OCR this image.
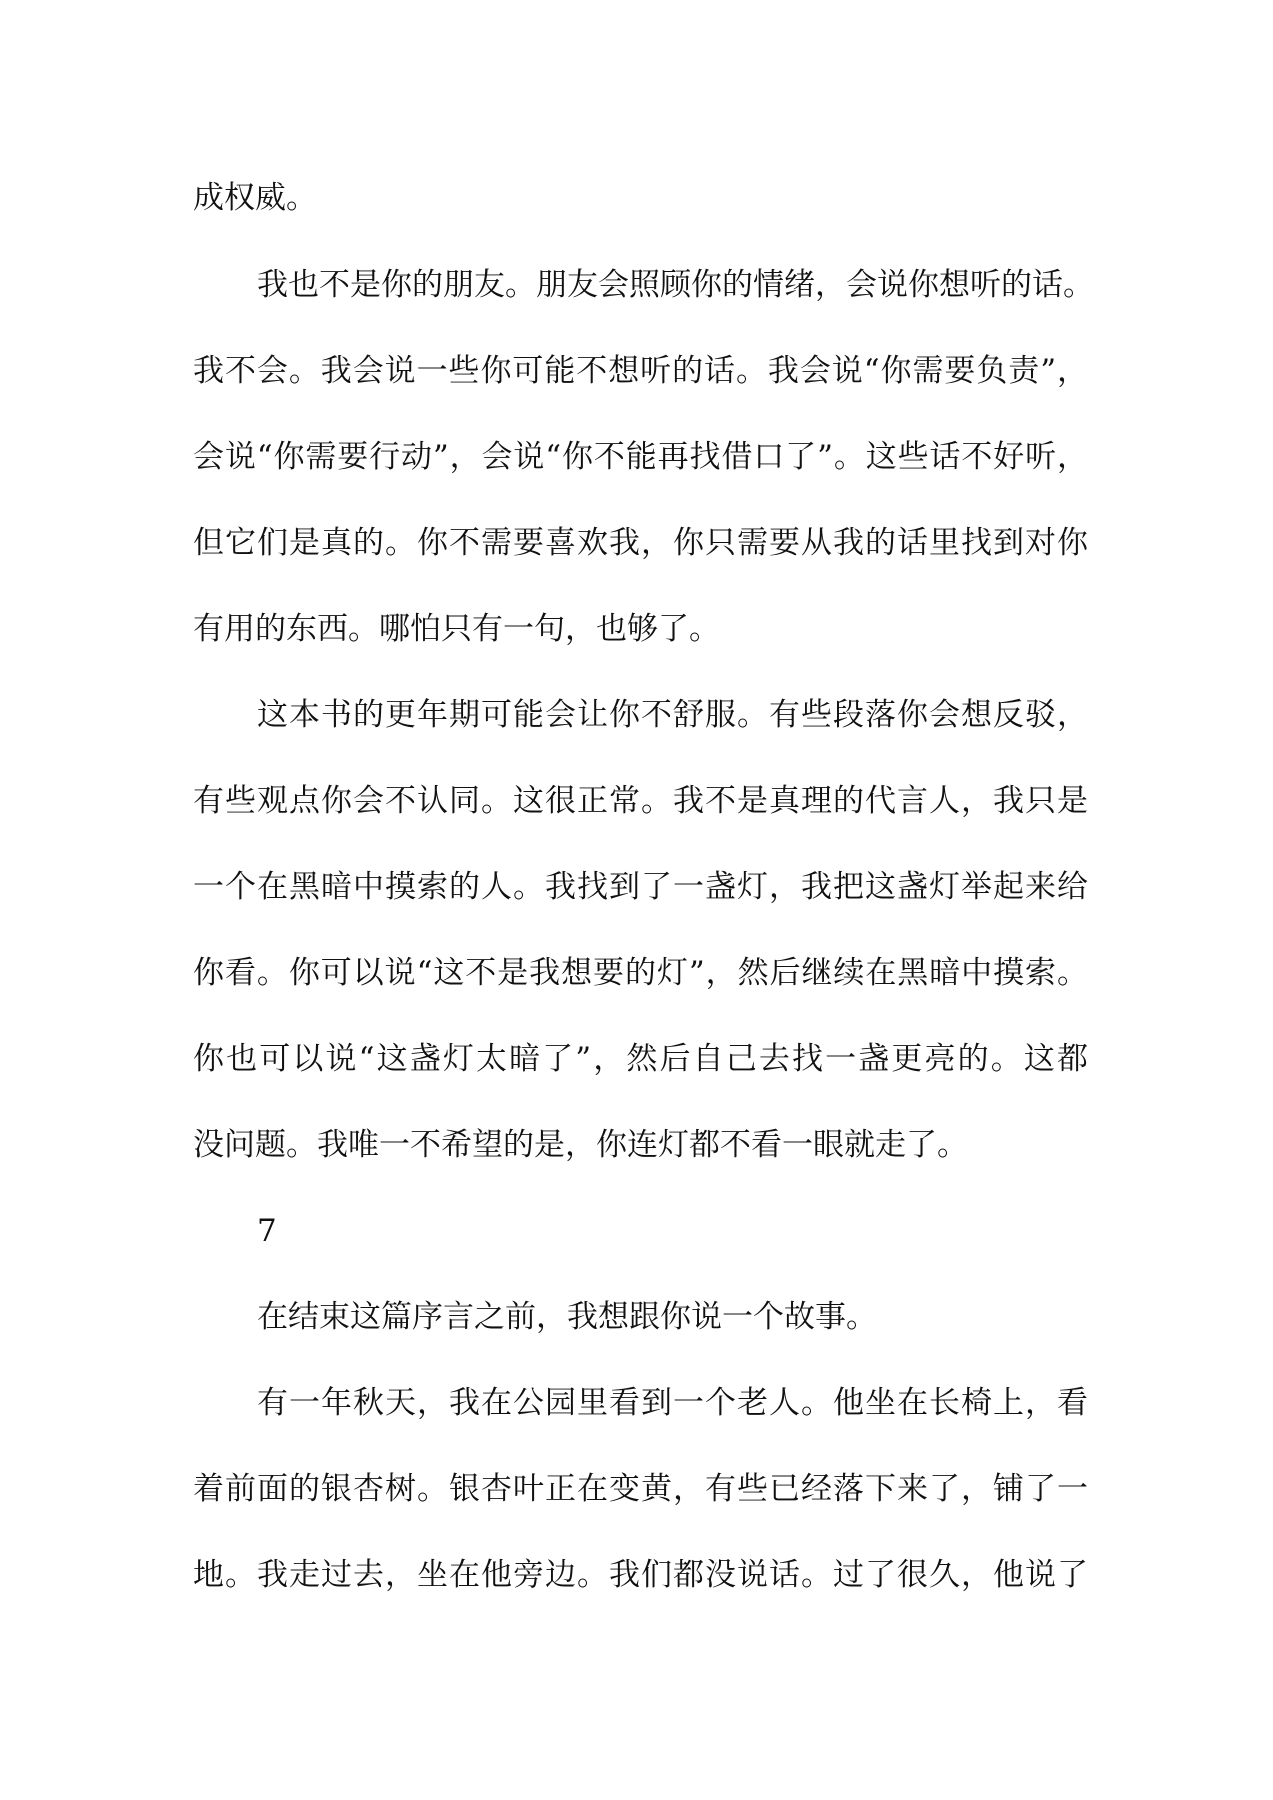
成权威。
我也不是你的朋友。朋友会照顾你的情绪，会说你想听的话。
我不会。我会说一些你可能不想听的话。我会说“你需要负责”，
会说“你需要行动”，会说“你不能再找借口了”。这些话不好听，
但它们是真的。你不需要喜欢我，你只需要从我的话里找到对你
有用的东西。哪怕只有一句，也够了。
这本书的更年期可能会让你不舒服。有些段落你会想反驳，
有些观点你会不认同。这很正常。我不是真理的代言人，我只是
一个在黑暗中摸索的人。我找到了一盏灯，我把这盏灯举起来给
你看。你可以说“这不是我想要的灯”，然后继续在黑暗中摸索。
你也可以说“这盏灯太暗了”，然后自己去找一盏更亮的。这都
没问题。我唯一不希望的是，你连灯都不看一眼就走了。
7
在结束这篇序言之前，我想跟你说一个故事。
有一年秋天，我在公园里看到一个老人。他坐在长椅上，看
着前面的银杏树。银杏叶正在变黄，有些已经落下来了，铺了一
地。我走过去，坐在他旁边。我们都没说话。过了很久，他说了
